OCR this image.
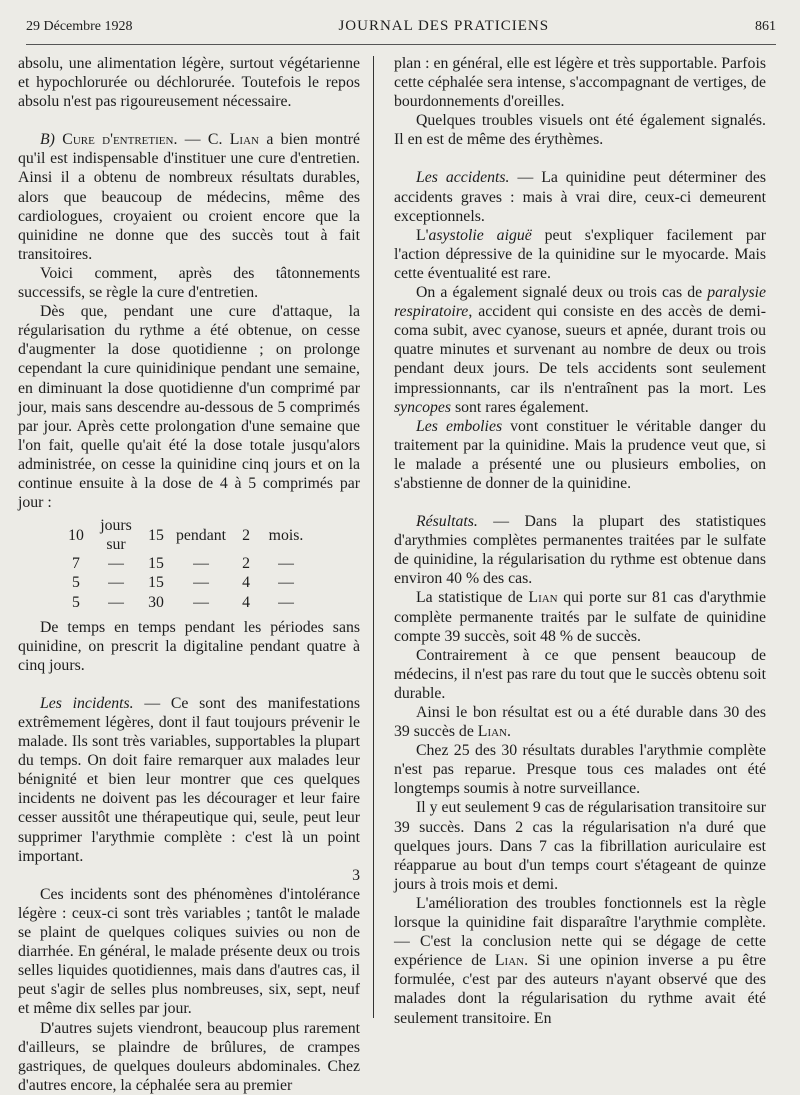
29 Décembre 1928	JOURNAL DES PRATICIENS	861

absolu, une alimentation légère, surtout végétarienne et hypochlorurée ou déchlorurée. Toutefois le repos absolu n'est pas rigoureusement nécessaire.

B) Cure d'entretien. — C. Lian a bien montré qu'il est indispensable d'instituer une cure d'entretien. Ainsi il a obtenu de nombreux résultats durables, alors que beaucoup de médecins, même des cardiologues, croyaient ou croient encore que la quinidine ne donne que des succès tout à fait transitoires.

Voici comment, après des tâtonnements successifs, se règle la cure d'entretien.

Dès que, pendant une cure d'attaque, la régularisation du rythme a été obtenue, on cesse d'augmenter la dose quotidienne ; on prolonge cependant la cure quinidinique pendant une semaine, en diminuant la dose quotidienne d'un comprimé par jour, mais sans descendre au-dessous de 5 comprimés par jour. Après cette prolongation d'une semaine que l'on fait, quelle qu'ait été la dose totale jusqu'alors administrée, on cesse la quinidine cinq jours et on la continue ensuite à la dose de 4 à 5 comprimés par jour :

10	jours sur	15	pendant	2	mois.
7	—	15	—	2	—
5	—	15	—	4	—
5	—	30	—	4	—

De temps en temps pendant les périodes sans quinidine, on prescrit la digitaline pendant quatre à cinq jours.

Les incidents. — Ce sont des manifestations extrêmement légères, dont il faut toujours prévenir le malade. Ils sont très variables, supportables la plupart du temps. On doit faire remarquer aux malades leur bénignité et bien leur montrer que ces quelques incidents ne doivent pas les décourager et leur faire cesser aussitôt une thérapeutique qui, seule, peut leur supprimer l'arythmie complète : c'est là un point important.

3

Ces incidents sont des phénomènes d'intolérance légère : ceux-ci sont très variables ; tantôt le malade se plaint de quelques coliques suivies ou non de diarrhée. En général, le malade présente deux ou trois selles liquides quotidiennes, mais dans d'autres cas, il peut s'agir de selles plus nombreuses, six, sept, neuf et même dix selles par jour.

D'autres sujets viendront, beaucoup plus rarement d'ailleurs, se plaindre de brûlures, de crampes gastriques, de quelques douleurs abdominales. Chez d'autres encore, la céphalée sera au premier

plan : en général, elle est légère et très supportable. Parfois cette céphalée sera intense, s'accompagnant de vertiges, de bourdonnements d'oreilles.

Quelques troubles visuels ont été également signalés. Il en est de même des érythèmes.

Les accidents. — La quinidine peut déterminer des accidents graves : mais à vrai dire, ceux-ci demeurent exceptionnels.

L'asystolie aiguë peut s'expliquer facilement par l'action dépressive de la quinidine sur le myocarde. Mais cette éventualité est rare.

On a également signalé deux ou trois cas de paralysie respiratoire, accident qui consiste en des accès de demi-coma subit, avec cyanose, sueurs et apnée, durant trois ou quatre minutes et survenant au nombre de deux ou trois pendant deux jours. De tels accidents sont seulement impressionnants, car ils n'entraînent pas la mort. Les syncopes sont rares également.

Les embolies vont constituer le véritable danger du traitement par la quinidine. Mais la prudence veut que, si le malade a présenté une ou plusieurs embolies, on s'abstienne de donner de la quinidine.

Résultats. — Dans la plupart des statistiques d'arythmies complètes permanentes traitées par le sulfate de quinidine, la régularisation du rythme est obtenue dans environ 40 % des cas.

La statistique de Lian qui porte sur 81 cas d'arythmie complète permanente traités par le sulfate de quinidine compte 39 succès, soit 48 % de succès.

Contrairement à ce que pensent beaucoup de médecins, il n'est pas rare du tout que le succès obtenu soit durable.

Ainsi le bon résultat est ou a été durable dans 30 des 39 succès de Lian.

Chez 25 des 30 résultats durables l'arythmie complète n'est pas reparue. Presque tous ces malades ont été longtemps soumis à notre surveillance.

Il y eut seulement 9 cas de régularisation transitoire sur 39 succès. Dans 2 cas la régularisation n'a duré que quelques jours. Dans 7 cas la fibrillation auriculaire est réapparue au bout d'un temps court s'étageant de quinze jours à trois mois et demi.

L'amélioration des troubles fonctionnels est la règle lorsque la quinidine fait disparaître l'arythmie complète. — C'est la conclusion nette qui se dégage de cette expérience de Lian. Si une opinion inverse a pu être formulée, c'est par des auteurs n'ayant observé que des malades dont la régularisation du rythme avait été seulement transitoire. En
